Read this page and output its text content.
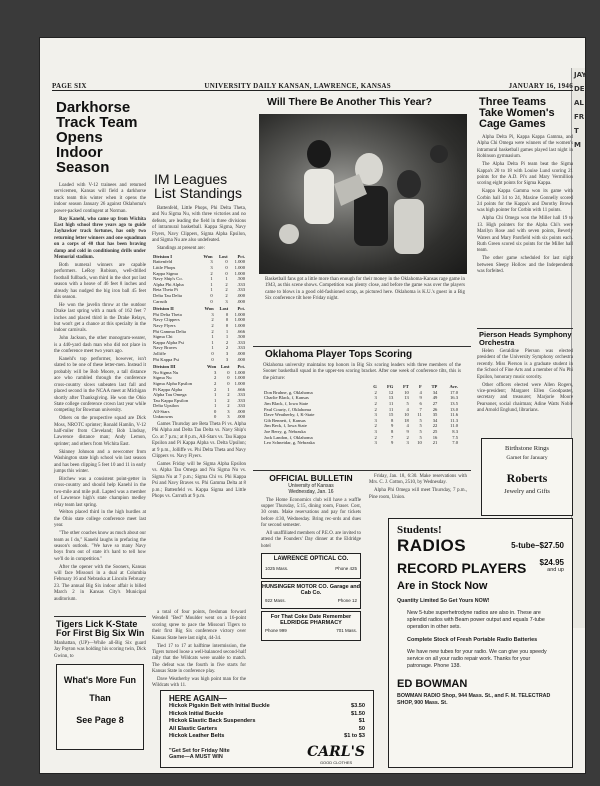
JAY
DE
AL
FR
T
M
PAGE SIX	UNIVERSITY DAILY KANSAN, LAWRENCE, KANSAS	JANUARY 16, 1946
Darkhorse Track Team Opens Indoor Season

Loaded with V-12 trainees and returned servicemen, Kansas will field a darkhorse track team this winter when it opens the indoor season January 26 against Oklahoma's power-packed contingent at Norman.

Ray Kanehl, who came up from Wichita East high school three years ago to guide Jayhawker track fortunes, has only two returning letter winners and one squadman on a corps of 40 that has been braving damp and cold in conditioning drills under Memorial stadium.

Both numeral winners are capable performers. LeRoy Robison, well-drilled football fullback, won third in the shot put last season with a heave of 46 feet 8 inches and already has nudged the big iron ball 45 feet this season.

He won the javelin throw at the outdoor Drake last spring with a mark of 162 feet 7 inches and placed third in the Drake Relays, but won't get a chance at this specialty in the indoor carnivals.

John Jackson, the other monogram-wearer, is a 440-yard dash man who did not place in the conference meet two years ago.

Kanehl's top performer, however, isn't slated to be one of these letter-men. Instead it probably will be Bob Moore, a tall distance ace who rambled through the conference cross-country slows unbeaten last fall and placed second in the NCAA meet at Michigan shortly after Thanksgiving. He won the Ohio State college conference crown last year while competing for Bowman university.

Others on the prospective squad are Dick Moss, NROTC sprinter; Ronald Hamlin, V-12 half-miler from Cleveland; Bob Lindsay, Lawrence distance man; Andy Lemon, sprinter; and others from Wichita East.

Skinney Johnson and a newcomer from Washington state high school win last season and has been clipping 5 feet 10 and 11 in early jumps this winter.

Birchew was a consistent point-getter in cross-country and should help Kanehl in the two-mile and mile pull. Lapted was a member of Lawrence high's state champion medley relay team last spring.

Welton placed third in the high hurdles at the Ohio state college conference meet last year.

"The other coaches know as much about our team as I do," Kanehl laughs in prefacing the season's outlook. "We have so many Navy boys from out of state it's hard to tell how we'll do in competition."

After the opener with the Sooners, Kansas will face Missouri in a dual at Columbia February 16 and Nebraska at Lincoln February 23. The annual Big Six indoor affair is billed March 2 in Kansas City's Municipal auditorium.

Tigers Lick K-State For First Big Six Win
Manhattan, (UP)—While all-Big Six guard Jay Payton was holding his scoring twin, Dick Gwinn, to
What's More Fun
Than
See Page 8
IM Leagues List Standings

Battenfeld, Little Phops, Phi Delta Theta, and Nu Sigma Nu, with three victories and no defeats, are leading the field in three divisions of intramural basketball. Kappa Sigma, Navy Flyers, Navy Clippers, Sigma Alpha Epsilon, and Sigma Nu are also undefeated.

Standings at present are:

Division I	Won	Lost	Pct.
Battenfeld	3	0	1.000
Little Phops	3	0	1.000
Kappa Sigma	2	0	1.000
Navy Ship's Co.	1	1	.500
Alpha Phi Alpha	1	2	.333
Beta Theta Pi	1	2	.333
Delta Tau Delta	0	2	.000
Carruth	0	3	.000
Division II	Won	Lost	Pct.
Phi Delta Theta	3	0	1.000
Navy Clippers	2	0	1.000
Navy Flyers	2	0	1.000
Phi Gamma Delta	2	1	.666
Sigma Chi	1	1	.500
Kappa Alpha Psi	1	2	.333
Navy Braves	1	2	.333
Jolliffe	0	3	.000
Phi Kappa Psi	0	3	.000
Division III	Won	Lost	Pct.
Nu Sigma Nu	3	0	1.000
Sigma Nu	2	0	1.000
Sigma Alpha Epsilon	2	0	1.000
Pi Kappa Alpha	2	1	.666
Alpha Tau Omega	1	2	.333
Tau Kappa Epsilon	1	2	.333
Delta Upsilon	1	2	.333
All-Stars	0	3	.000
Unknowns	0	3	.000

Games Thursday are Beta Theta Pi vs. Alpha Phi Alpha and Delta Tau Delta vs. Navy Ship's Co. at 7 p.m.; at 8 p.m., All-Stars vs. Tau Kappa Epsilon and Pi Kappa Alpha vs. Delta Upsilon; at 9 p.m., Jolliffe vs. Phi Delta Theta and Navy Clippers vs. Navy Flyers.

Games Friday will be Sigma Alpha Epsilon vs. Alpha Tau Omega and Nu Sigma Nu vs. Sigma Nu at 7 p.m.; Sigma Chi vs. Phi Kappa Psi and Navy Braves vs. Phi Gamma Delta at 8 p.m.; Battenfeld vs. Kappa Sigma and Little Phops vs. Carruth at 9 p.m.

a total of four points, freshman forward Wendell "Bed" Moulder went on a 16-point scoring spree to pace the Missouri Tigers to their first Big Six conference victory over Kansas State here last night, 44-34.

Tied 17 to 17 at halftime intermission, the Tigers turned loose a well-balanced second-half rally that the Wildcats were unable to match. The defeat was the fourth in five starts for Kansas State in conference play.

Dave Weatherby was high point man for the Wildcats with 11.

Will There Be Another This Year?
Basketball fans got a little more than enough for their money in the Oklahoma-Kansas rage game in 1943, as this scene shows. Competition was plenty close, and before the game was over the players came to blows in a good old-fashioned scrap, as pictured here. Oklahoma is K.U.'s guest in a Big Six conference tilt here Friday night.
Oklahoma Player Tops Scoring
Oklahoma university maintains top honors in Big Six scoring leaders with three members of the Sooner basketball squad in the upper-ten scoring bracket. After one week of conference tilts, this is the picture:
	G	FG	FT	F	TP	Ave.
Don Bruhne, g, Oklahoma	2	12	10	4	34	17.0
Charlie Black, f, Kansas	3	13	13	9	49	16.3
Jim Black, f, Iowa State	2	11	5	6	27	13.5
Paul Courty, f, Oklahoma	2	11	4	7	26	13.0
Dave Weatherby, f, K-State	3	15	10	11	35	11.6
Gib Bennett, f, Kansas	3	8	18	5	34	11.3
Jim Beck, f, Iowa State	2	9	4	5	22	11.0
Joe Berry, g, Nebraska	3	8	9	5	25	8.3
Jack Landon, f, Oklahoma	2	7	2	5	16	7.5
Leo Schneidar, g, Nebraska	3	9	3	10	21	7.0
OFFICIAL BULLETIN
University of Kansas
Wednesday, Jan. 16

The Home Economics club will have a waffle supper Thursday, 5:15, dining room, Fraser. Cost, 30 cents. Make reservations and pay for tickets before 4:30, Wednesday. Bring rec-ords and dues for second semester.

All unaffiliated members of P.E.O. are invited to attend the Founders' Day dinner at the Eldridge hotel

LAWRENCE OPTICAL CO.
1025 Mass.	Phone 425
HUNSINGER MOTOR CO. Garage and Cab Co.
922 Mass.	Phone 12
For That Coke Date Remember ELDRIDGE PHARMACY
Phone 999	701 Mass.

Friday, Jan. 18, 6:30. Make reservations with Mrs. C. J. Cotton, 2510, by Wednesday.

Alpha Phi Omega will meet Thursday, 7 p.m., Pine room, Union.

HERE AGAIN—
Hickok Pigskin Belt with Initial Buckle	$3.50
Hickok Initial Buckle	$1.50
Hickok Elastic Back Suspenders	$1
All Elastic Garters	50
Hickok Leather Belts	$1 to $3
"Get Set for Friday Nite
Game—A MUST WIN	CARL'S
GOOD CLOTHES
Three Teams Take Women's Cage Games

Alpha Delta Pi, Kappa Kappa Gamma, and Alpha Chi Omega were winners of the women's intramural basketball games played last night in Robinson gymnasium.

The Alpha Delta Pi team beat the Sigma Kappa's 20 to 18 with Louise Lund scoring 21 points for the A.D. Pi's and Mary Vermillion scoring eight points for Sigma Kappa.

Kappa Kappa Gamma won its game with Corbin hall 34 to 24, Maxine Gonnelly scored 24 points for the Kappa's and Dorothy Brown was high pointer for Corbin with 11 points.

Alpha Chi Omega won the Miller hall 19 to 13. High pointers for the Alpha Chi's were Marilyn Rose and with seven points, Beverly Waters and Mary Parsfield with six points each. Ruth Green scored six points for the Miller hall team.

The other game scheduled for last night between Sleepy Hollow and the Independents was forfeited.

Pierson Heads Symphony Orchestra

Helen Geraldine Pierson was elected president of the University Symphony orchestra recently. Miss Pierson is a graduate student in the School of Fine Arts and a member of Nu Phi Epsilon, honorary music sorority.

Other officers elected were Allen Rogers, vice-president; Margaret Ellen Goodpaster, secretary and treasurer; Marjorie Moore Pearsoner, social chairman; Adine Watts Noble and Arnold Englund, librarians.

Birthstone Rings
Garnet for January
Roberts
Jewelry and Gifts
Students!
RADIOS	5-tube–$27.50
$24.95
and up
RECORD PLAYERS
Are in Stock Now
Quantity Limited So Get Yours NOW!
New 5-tube superhetrodyne radios are also in. These are splendid radios with Beam power output and equals 7-tube operation in other sets.
Complete Stock of Fresh Portable Radio Batteries
We have new tubes for your radio. We can give you speedy service on all your radio repair work. Thanks for your patronage. Phone 138.
ED BOWMAN
BOWMAN RADIO Shop, 944 Mass. St., and F. M. TELECTRAD SHOP, 900 Mass. St.
